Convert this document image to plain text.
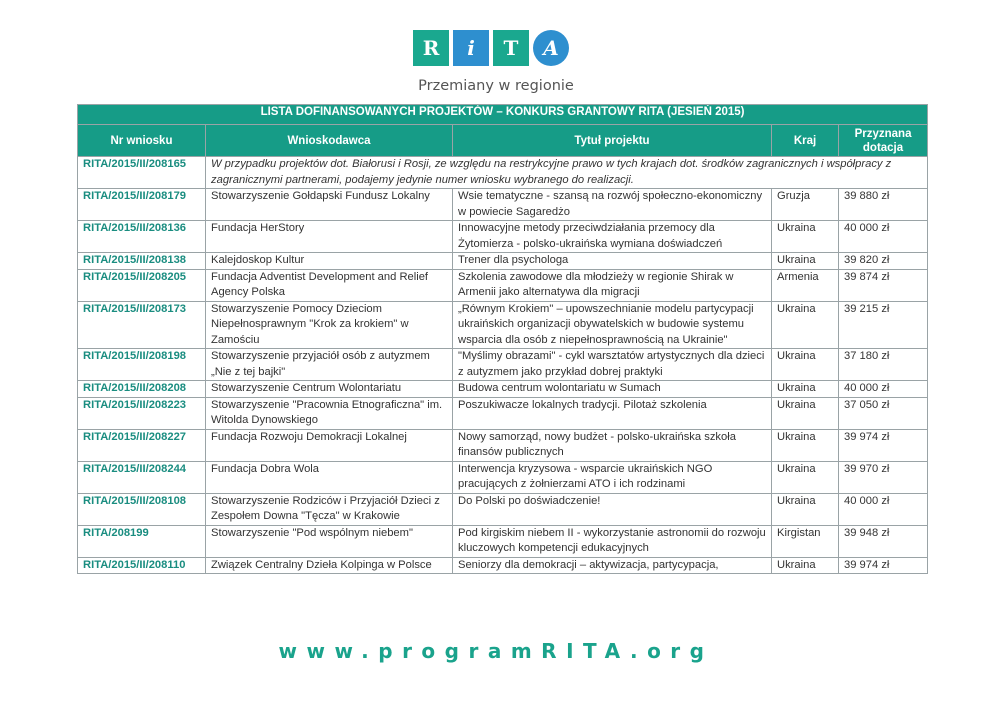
R	i	T	A
Przemiany w regionie
LISTA DOFINANSOWANYCH PROJEKTÓW – KONKURS GRANTOWY RITA (JESIEŃ 2015)				
Nr wniosku	Wnioskodawca	Tytuł projektu	Kraj	Przyznana dotacja
RITA/2015/II/208165	W przypadku projektów dot. Białorusi i Rosji, ze względu na restrykcyjne prawo w tych krajach dot. środków zagranicznych i współpracy z zagranicznymi partnerami, podajemy jedynie numer wniosku wybranego do realizacji.			
RITA/2015/II/208179	Stowarzyszenie Gołdapski Fundusz Lokalny	Wsie tematyczne - szansą na rozwój społeczno-ekonomiczny w powiecie Sagaredżo	Gruzja	39 880 zł
RITA/2015/II/208136	Fundacja HerStory	Innowacyjne metody przeciwdziałania przemocy dla Żytomierza - polsko-ukraińska wymiana doświadczeń	Ukraina	40 000 zł
RITA/2015/II/208138	Kalejdoskop Kultur	Trener dla psychologa	Ukraina	39 820 zł
RITA/2015/II/208205	Fundacja Adventist Development and Relief Agency Polska	Szkolenia zawodowe dla młodzieży w regionie Shirak w Armenii jako alternatywa dla migracji	Armenia	39 874 zł
RITA/2015/II/208173	Stowarzyszenie Pomocy Dzieciom Niepełnosprawnym "Krok za krokiem" w Zamościu	„Równym Krokiem" – upowszechnianie modelu partycypacji ukraińskich organizacji obywatelskich w budowie systemu wsparcia dla osób z niepełnosprawnością na Ukrainie"	Ukraina	39 215 zł
RITA/2015/II/208198	Stowarzyszenie przyjaciół osób z autyzmem „Nie z tej bajki"	"Myślimy obrazami" - cykl warsztatów artystycznych dla dzieci z autyzmem jako przykład dobrej praktyki	Ukraina	37 180 zł
RITA/2015/II/208208	Stowarzyszenie Centrum Wolontariatu	Budowa centrum wolontariatu w Sumach	Ukraina	40 000 zł
RITA/2015/II/208223	Stowarzyszenie "Pracownia Etnograficzna" im. Witolda Dynowskiego	Poszukiwacze lokalnych tradycji. Pilotaż szkolenia	Ukraina	37 050 zł
RITA/2015/II/208227	Fundacja Rozwoju Demokracji Lokalnej	Nowy samorząd, nowy budżet - polsko-ukraińska szkoła finansów publicznych	Ukraina	39 974 zł
RITA/2015/II/208244	Fundacja Dobra Wola	Interwencja kryzysowa - wsparcie ukraińskich NGO pracujących z żołnierzami ATO i ich rodzinami	Ukraina	39 970 zł
RITA/2015/II/208108	Stowarzyszenie Rodziców i Przyjaciół Dzieci z Zespołem Downa "Tęcza" w Krakowie	Do Polski po doświadczenie!	Ukraina	40 000 zł
RITA/208199	Stowarzyszenie "Pod wspólnym niebem"	Pod kirgiskim niebem II - wykorzystanie astronomii do rozwoju kluczowych kompetencji edukacyjnych	Kirgistan	39 948 zł
RITA/2015/II/208110	Związek Centralny Dzieła Kolpinga w Polsce	Seniorzy dla demokracji – aktywizacja, partycypacja,	Ukraina	39 974 zł
www.programRITA.org
